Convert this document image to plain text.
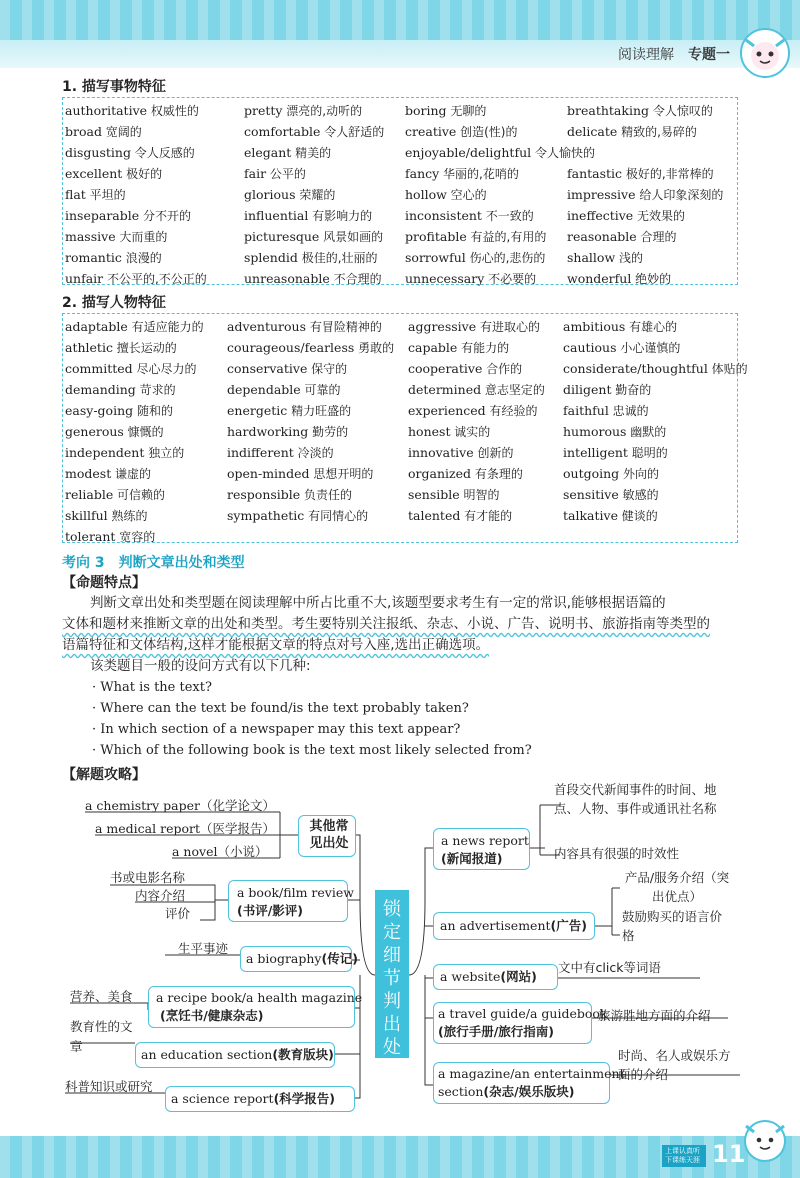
阅读理解 专题一
1. 描写事物特征
authoritative 权威性的	pretty 漂亮的,动听的	boring 无聊的	breathtaking 令人惊叹的
broad 宽阔的	comfortable 令人舒适的 creative 创造(性)的	delicate 精致的,易碎的
disgusting 令人反感的	elegant 精美的	enjoyable/delightful 令人愉快的
excellent 极好的	fair 公平的	fancy 华丽的,花哨的	fantastic 极好的,非常棒的
flat 平坦的	glorious 荣耀的	hollow 空心的	impressive 给人印象深刻的
inseparable 分不开的	influential 有影响力的	inconsistent 不一致的	ineffective 无效果的
massive 大而重的	picturesque 风景如画的 profitable 有益的,有用的 reasonable 合理的
romantic 浪漫的	splendid 极佳的,壮丽的 sorrowful 伤心的,悲伤的 shallow 浅的
unfair 不公平的,不公正的	unreasonable 不合理的 unnecessary 不必要的 wonderful 绝妙的
2. 描写人物特征
adaptable 有适应能力的 adventurous 有冒险精神的 aggressive 有进取心的 ambitious 有雄心的
athletic 擅长运动的	courageous/fearless 勇敢的 capable 有能力的	cautious 小心谨慎的
committed 尽心尽力的 conservative 保守的	cooperative 合作的	considerate/thoughtful 体贴的
demanding 苛求的	dependable 可靠的	determined 意志坚定的 diligent 勤奋的
easy-going 随和的	energetic 精力旺盛的	experienced 有经验的 faithful 忠诚的
generous 慷慨的	hardworking 勤劳的	honest 诚实的	humorous 幽默的
independent 独立的	indifferent 冷淡的	innovative 创新的	intelligent 聪明的
modest 谦虚的	open-minded 思想开明的	organized 有条理的	outgoing 外向的
reliable 可信赖的	responsible 负责任的	sensible 明智的	sensitive 敏感的
skillful 熟练的	sympathetic 有同情心的	talented 有才能的	talkative 健谈的
tolerant 宽容的
考向 3　判断文章出处和类型
【命题特点】
判断文章出处和类型题在阅读理解中所占比重不大,该题型要求考生有一定的常识,能够根据语篇的
文体和题材来推断文章的出处和类型。考生要特别关注报纸、杂志、小说、广告、说明书、旅游指南等类型的
语篇特征和文体结构,这样才能根据文章的特点对号入座,选出正确选项。
该类题目一般的设问方式有以下几种:
· What is the text?
· Where can the text be found/is the text probably taken?
· In which section of a newspaper may this text appear?
· Which of the following book is the text most likely selected from?
【解题攻略】
锁定细节判出处
其他常见出处
a chemistry paper（化学论文）
a medical report（医学报告）
a novel（小说）
a book/film review
(书评/影评)
书或电影名称
内容介绍
评价
a biography(传记)
生平事迹
a recipe book/a health magazine
(烹饪书/健康杂志)
营养、美食
an education section(教育版块)
教育性的文章
a science report(科学报告)
科普知识或研究
a news report
(新闻报道)
首段交代新闻事件的时间、地点、人物、事件或通讯社名称
内容具有很强的时效性
an advertisement(广告)
产品/服务介绍（突出优点）
鼓励购买的语言价格
a website(网站)
文中有click等词语
a travel guide/a guidebook
(旅行手册/旅行指南)
旅游胜地方面的介绍
a magazine/an entertainment
section(杂志/娱乐版块)
时尚、名人或娱乐方面的介绍
上课认真听 下课练天涯 11
